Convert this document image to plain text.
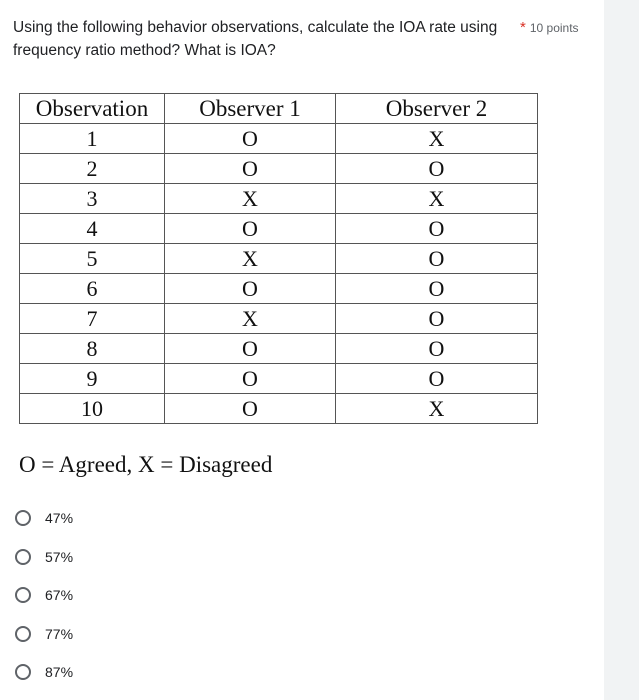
Using the following behavior observations, calculate the IOA rate using frequency ratio method? What is IOA?
* 10 points
Observation	Observer 1	Observer 2
1	O	X
2	O	O
3	X	X
4	O	O
5	X	O
6	O	O
7	X	O
8	O	O
9	O	O
10	O	X
O = Agreed, X = Disagreed
47%
57%
67%
77%
87%
